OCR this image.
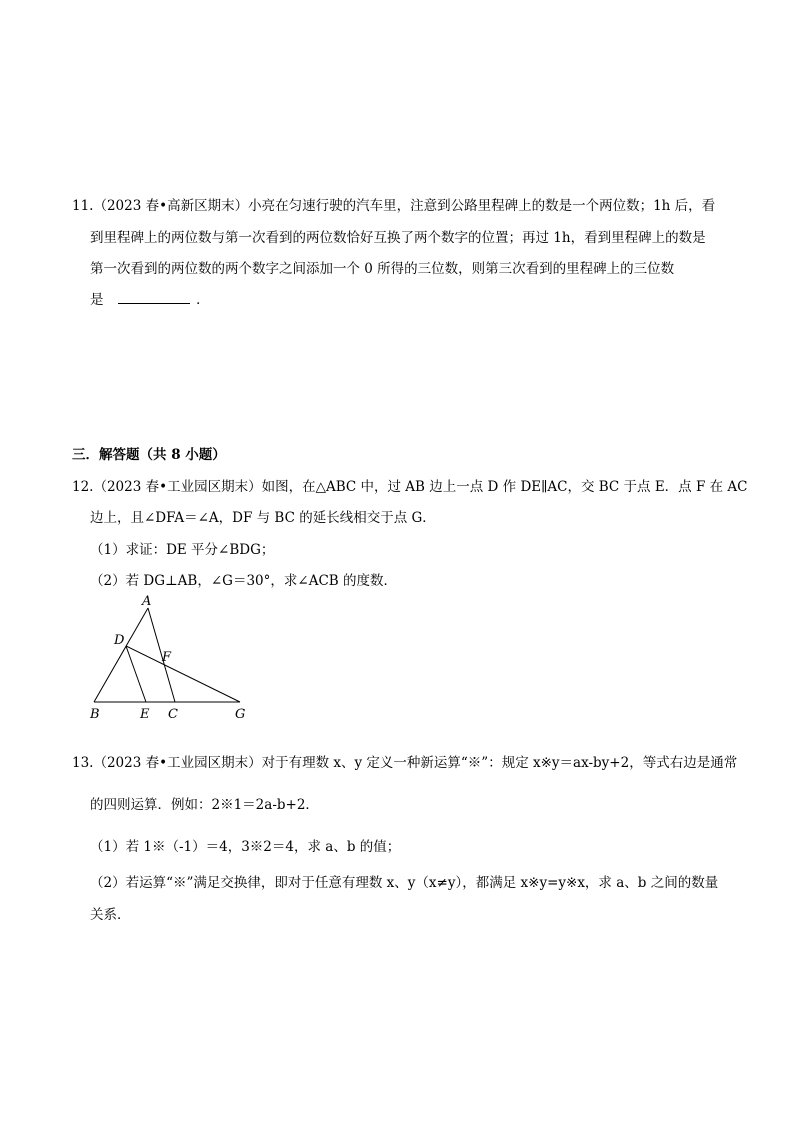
11.（2023 春•高新区期末）小亮在匀速行驶的汽车里，注意到公路里程碑上的数是一个两位数；1h 后，看
到里程碑上的两位数与第一次看到的两位数恰好互换了两个数字的位置；再过 1h，看到里程碑上的数是
第一次看到的两位数的两个数字之间添加一个 0 所得的三位数，则第三次看到的里程碑上的三位数
是	．
三．解答题（共 8 小题）
12.（2023 春•工业园区期末）如图，在△ABC 中，过 AB 边上一点 D 作 DE∥AC，交 BC 于点 E．点 F 在 AC
边上，且∠DFA＝∠A，DF 与 BC 的延长线相交于点 G．
（1）求证：DE 平分∠BDG；
（2）若 DG⊥AB，∠G＝30°，求∠ACB 的度数．
A
D
F
B	E C	G
13.（2023 春•工业园区期末）对于有理数 x、y 定义一种新运算“※”：规定 x※y＝ax-by+2，等式右边是通常
的四则运算．例如：2※1＝2a-b+2．
（1）若 1※（-1）＝4，3※2＝4，求 a、b 的值；
（2）若运算“※”满足交换律，即对于任意有理数 x、y（x≠y），都满足 x※y=y※x，求 a、b 之间的数量
关系．
